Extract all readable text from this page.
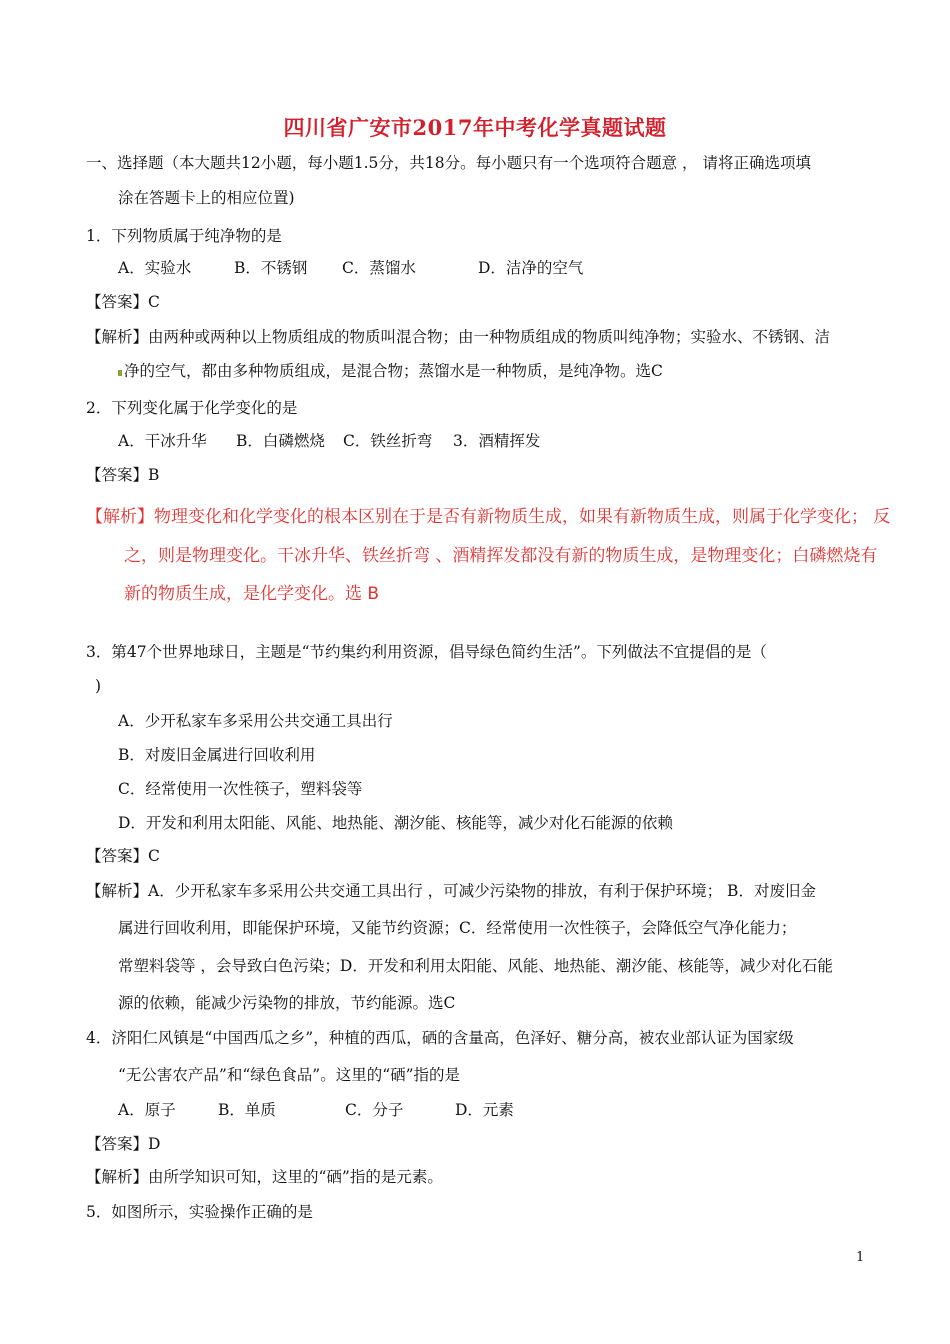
四川省广安市2017年中考化学真题试题
一、选择题（本大题共12小题，每小题1.5分，共18分。每小题只有一个选项符合题意 ， 请将正确选项填
涂在答题卡上的相应位置)
1．下列物质属于纯净物的是
A．实验水	B．不锈钢 C．蒸馏水	D．洁净的空气
【答案】C
【解析】由两种或两种以上物质组成的物质叫混合物；由一种物质组成的物质叫纯净物；实验水、不锈钢、洁
净的空气，都由多种物质组成，是混合物；蒸馏水是一种物质，是纯净物。选C
2．下列变化属于化学变化的是
A．干冰升华 B．白磷燃烧 C．铁丝折弯 3．酒精挥发
【答案】B
【解析】物理变化和化学变化的根本区别在于是否有新物质生成，如果有新物质生成，则属于化学变化； 反
之，则是物理变化。干冰升华、铁丝折弯 、酒精挥发都没有新的物质生成，是物理变化；白磷燃烧有
新的物质生成，是化学变化。选 B
3．第47个世界地球日，主题是“节约集约利用资源，倡导绿色简约生活”。下列做法不宜提倡的是（
)
A．少开私家车多采用公共交通工具出行
B．对废旧金属进行回收利用
C．经常使用一次性筷子，塑料袋等
D．开发和利用太阳能、风能、地热能、潮汐能、核能等，减少对化石能源的依赖
【答案】C
【解析】A．少开私家车多采用公共交通工具出行 ，可减少污染物的排放，有利于保护环境； B．对废旧金
属进行回收利用，即能保护环境，又能节约资源；C．经常使用一次性筷子，会降低空气净化能力；
常塑料袋等 ，会导致白色污染；D．开发和利用太阳能、风能、地热能、潮汐能、核能等，减少对化石能
源的依赖，能减少污染物的排放，节约能源。选C
4．济阳仁风镇是“中国西瓜之乡”，种植的西瓜，硒的含量高，色泽好、糖分高，被农业部认证为国家级
“无公害农产品”和“绿色食品”。这里的“硒”指的是
A．原子	B．单质	C．分子	D．元素
【答案】D
【解析】由所学知识可知，这里的“硒”指的是元素。
5．如图所示，实验操作正确的是
1
